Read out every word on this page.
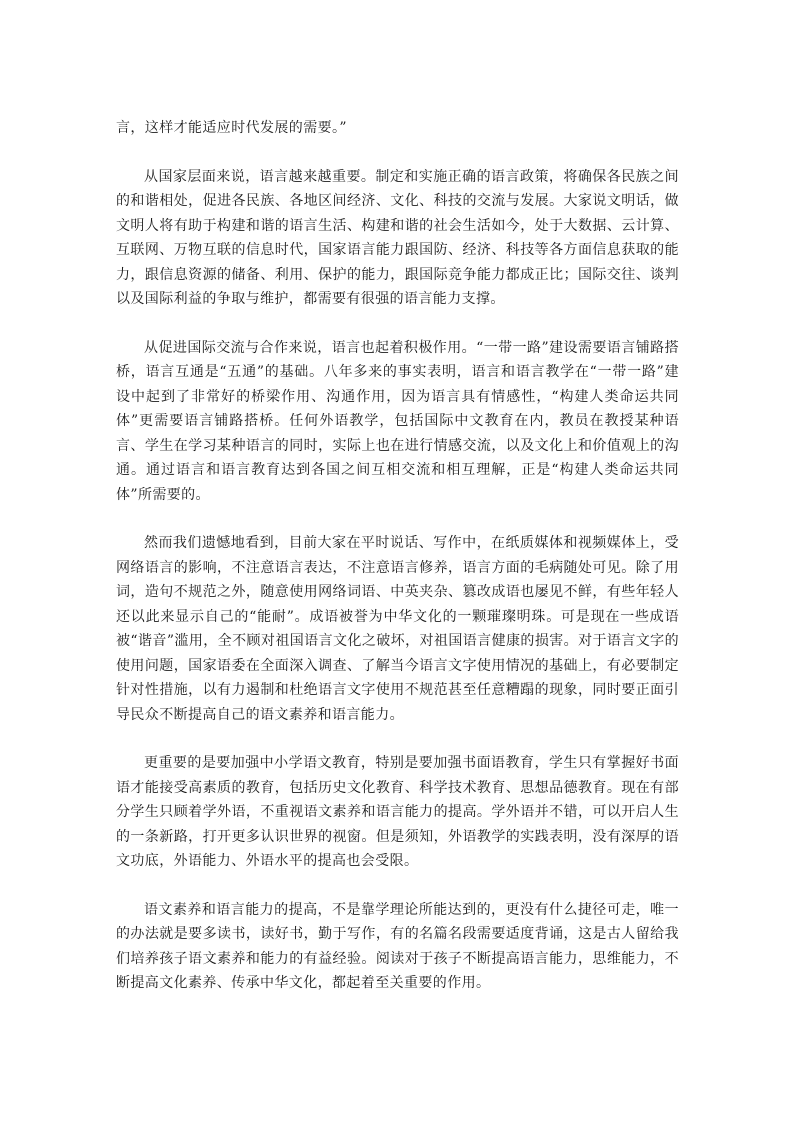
言，这样才能适应时代发展的需要。”

从国家层面来说，语言越来越重要。制定和实施正确的语言政策，将确保各民族之间的和谐相处，促进各民族、各地区间经济、文化、科技的交流与发展。大家说文明话，做文明人将有助于构建和谐的语言生活、构建和谐的社会生活如今，处于大数据、云计算、互联网、万物互联的信息时代，国家语言能力跟国防、经济、科技等各方面信息获取的能力，跟信息资源的储备、利用、保护的能力，跟国际竞争能力都成正比；国际交往、谈判以及国际利益的争取与维护，都需要有很强的语言能力支撑。

从促进国际交流与合作来说，语言也起着积极作用。“一带一路”建设需要语言铺路搭桥，语言互通是“五通”的基础。八年多来的事实表明，语言和语言教学在“一带一路”建设中起到了非常好的桥梁作用、沟通作用，因为语言具有情感性，“构建人类命运共同体”更需要语言铺路搭桥。任何外语教学，包括国际中文教育在内，教员在教授某种语言、学生在学习某种语言的同时，实际上也在进行情感交流，以及文化上和价值观上的沟通。通过语言和语言教育达到各国之间互相交流和相互理解，正是“构建人类命运共同体”所需要的。

然而我们遗憾地看到，目前大家在平时说话、写作中，在纸质媒体和视频媒体上，受网络语言的影响，不注意语言表达，不注意语言修养，语言方面的毛病随处可见。除了用词，造句不规范之外，随意使用网络词语、中英夹杂、篡改成语也屡见不鲜，有些年轻人还以此来显示自己的“能耐”。成语被誉为中华文化的一颗璀璨明珠。可是现在一些成语被“谐音”滥用，全不顾对祖国语言文化之破坏，对祖国语言健康的损害。对于语言文字的使用问题，国家语委在全面深入调查、了解当今语言文字使用情况的基础上，有必要制定针对性措施，以有力遏制和杜绝语言文字使用不规范甚至任意糟蹋的现象，同时要正面引导民众不断提高自己的语文素养和语言能力。

更重要的是要加强中小学语文教育，特别是要加强书面语教育，学生只有掌握好书面语才能接受高素质的教育，包括历史文化教育、科学技术教育、思想品德教育。现在有部分学生只顾着学外语，不重视语文素养和语言能力的提高。学外语并不错，可以开启人生的一条新路，打开更多认识世界的视窗。但是须知，外语教学的实践表明，没有深厚的语文功底，外语能力、外语水平的提高也会受限。

语文素养和语言能力的提高，不是靠学理论所能达到的，更没有什么捷径可走，唯一的办法就是要多读书，读好书，勤于写作，有的名篇名段需要适度背诵，这是古人留给我们培养孩子语文素养和能力的有益经验。阅读对于孩子不断提高语言能力，思维能力，不断提高文化素养、传承中华文化，都起着至关重要的作用。
